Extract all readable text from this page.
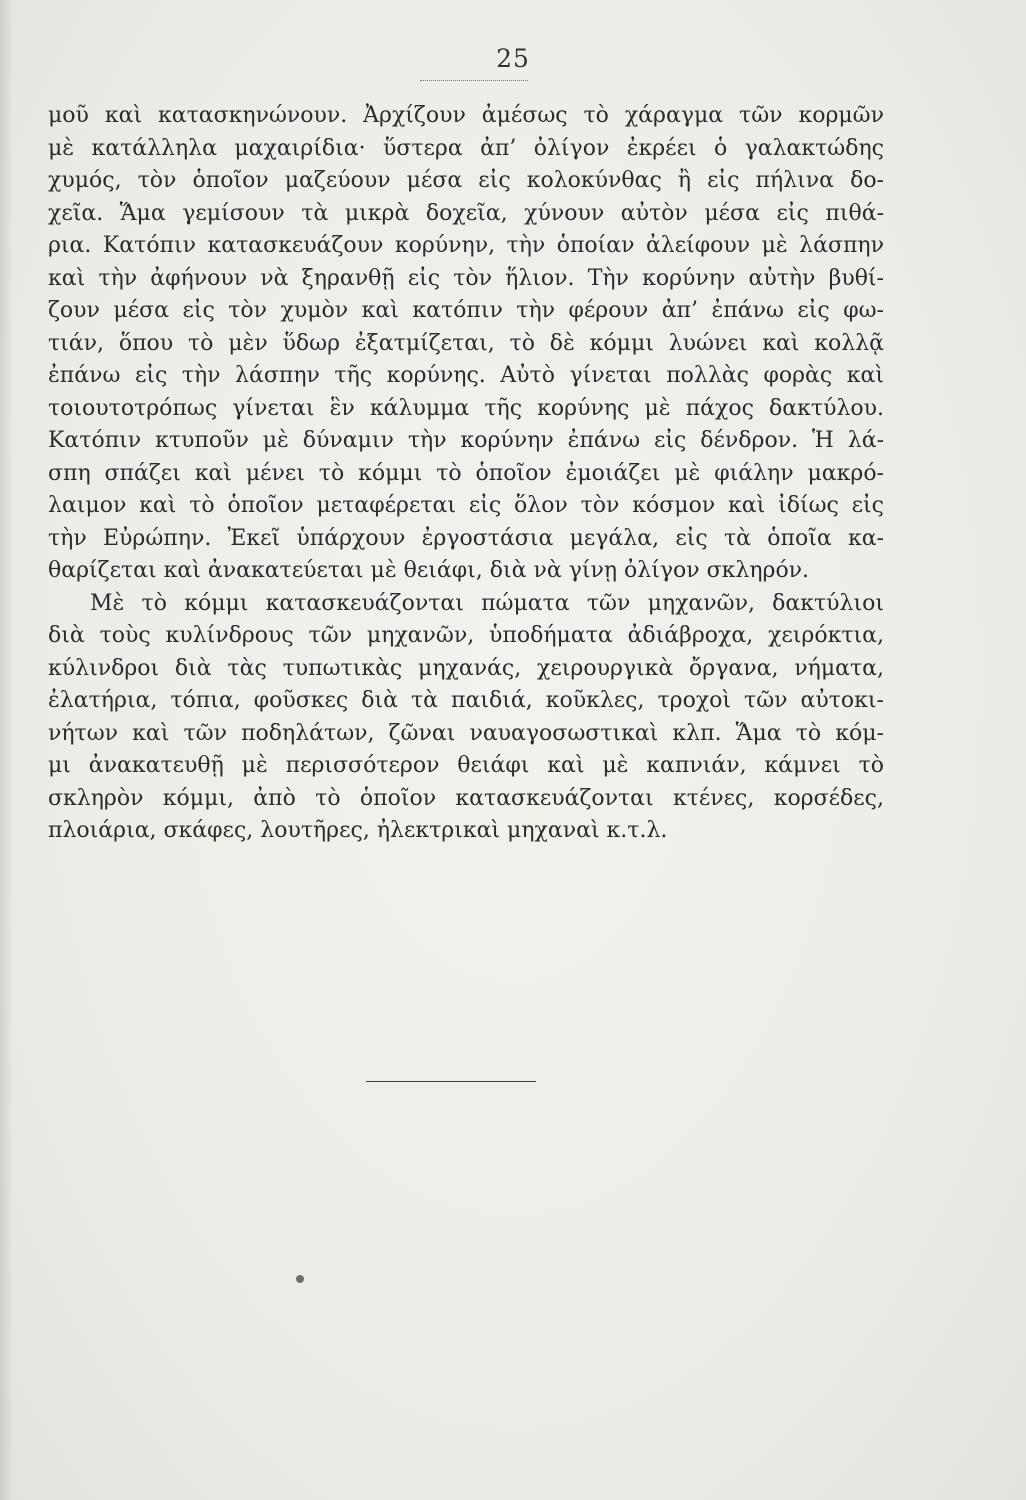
25
μοῦ καὶ κατασκηνώνουν. Ἀρχίζουν ἀμέσως τὸ χάραγμα τῶν κορμῶν
μὲ κατάλληλα μαχαιρίδια· ὕστερα ἀπ’ ὀλίγον ἐκρέει ὁ γαλακτώδης
χυμός, τὸν ὁποῖον μαζεύουν μέσα εἰς κολοκύνθας ἢ εἰς πήλινα δο-
χεῖα. Ἅμα γεμίσουν τὰ μικρὰ δοχεῖα, χύνουν αὐτὸν μέσα εἰς πιθά-
ρια. Κατόπιν κατασκευάζουν κορύνην, τὴν ὁποίαν ἀλείφουν μὲ λάσπην
καὶ τὴν ἀφήνουν νὰ ξηρανθῇ εἰς τὸν ἥλιον. Τὴν κορύνην αὐτὴν βυθί-
ζουν μέσα εἰς τὸν χυμὸν καὶ κατόπιν τὴν φέρουν ἀπ’ ἐπάνω εἰς φω-
τιάν, ὅπου τὸ μὲν ὕδωρ ἐξατμίζεται, τὸ δὲ κόμμι λυώνει καὶ κολλᾷ
ἐπάνω εἰς τὴν λάσπην τῆς κορύνης. Αὐτὸ γίνεται πολλὰς φορὰς καὶ
τοιουτοτρόπως γίνεται ἓν κάλυμμα τῆς κορύνης μὲ πάχος δακτύλου.
Κατόπιν κτυποῦν μὲ δύναμιν τὴν κορύνην ἐπάνω εἰς δένδρον. Ἡ λά-
σπη σπάζει καὶ μένει τὸ κόμμι τὸ ὁποῖον ἐμοιάζει μὲ φιάλην μακρό-
λαιμον καὶ τὸ ὁποῖον μεταφέρεται εἰς ὅλον τὸν κόσμον καὶ ἰδίως εἰς
τὴν Εὐρώπην. Ἐκεῖ ὑπάρχουν ἐργοστάσια μεγάλα, εἰς τὰ ὁποῖα κα-
θαρίζεται καὶ ἀνακατεύεται μὲ θειάφι, διὰ νὰ γίνῃ ὀλίγον σκληρόν.
Μὲ τὸ κόμμι κατασκευάζονται πώματα τῶν μηχανῶν, δακτύλιοι
διὰ τοὺς κυλίνδρους τῶν μηχανῶν, ὑποδήματα ἀδιάβροχα, χειρόκτια,
κύλινδροι διὰ τὰς τυπωτικὰς μηχανάς, χειρουργικὰ ὄργανα, νήματα,
ἐλατήρια, τόπια, φοῦσκες διὰ τὰ παιδιά, κοῦκλες, τροχοὶ τῶν αὐτοκι-
νήτων καὶ τῶν ποδηλάτων, ζῶναι ναυαγοσωστικαὶ κλπ. Ἅμα τὸ κόμ-
μι ἀνακατευθῇ μὲ περισσότερον θειάφι καὶ μὲ καπνιάν, κάμνει τὸ
σκληρὸν κόμμι, ἀπὸ τὸ ὁποῖον κατασκευάζονται κτένες, κορσέδες,
πλοιάρια, σκάφες, λουτῆρες, ἠλεκτρικαὶ μηχαναὶ κ.τ.λ.
